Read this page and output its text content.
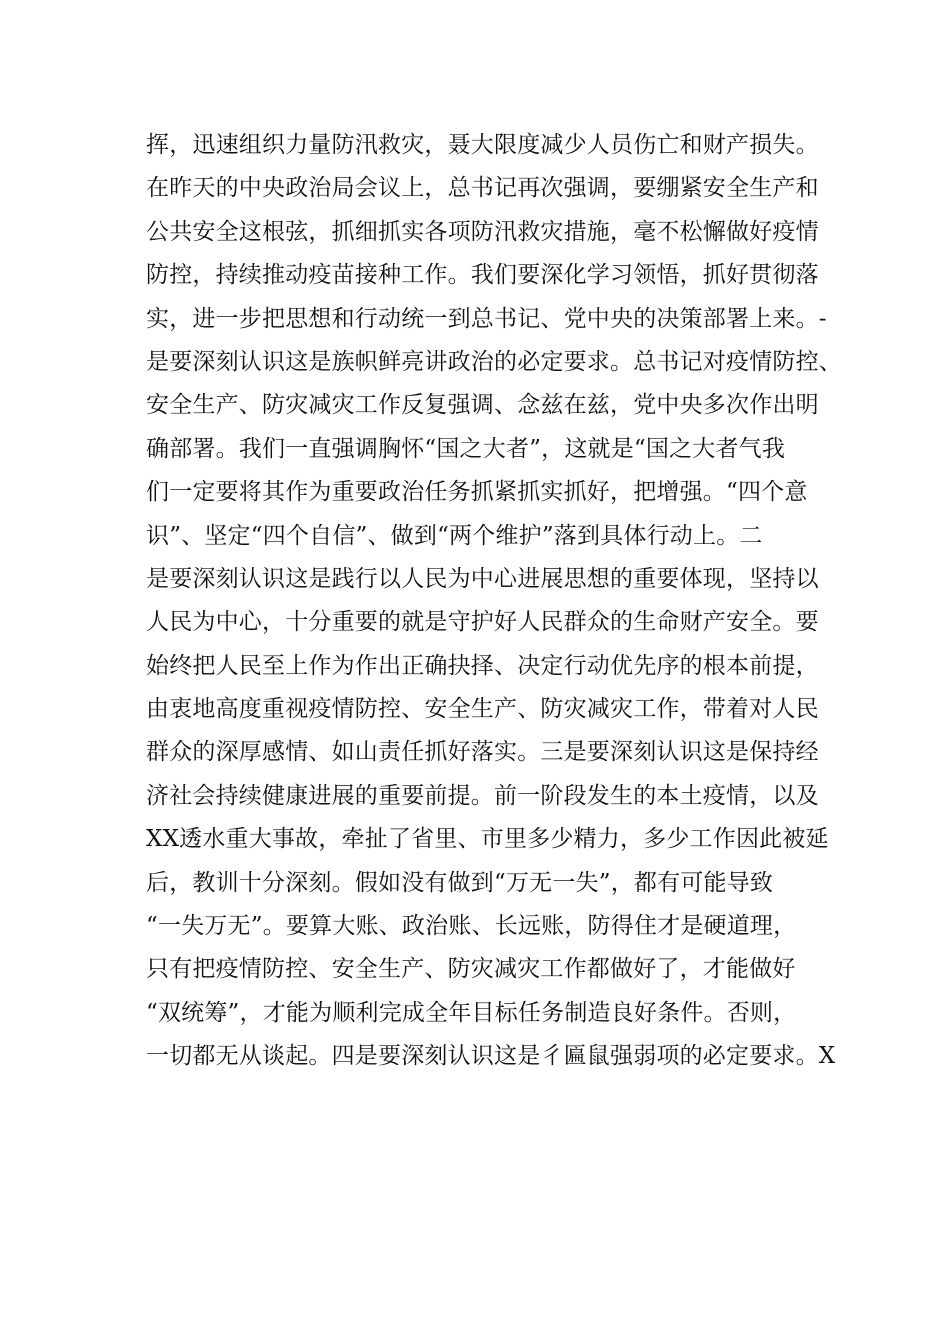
挥，迅速组织力量防汛救灾，聂大限度减少人员伤亡和财产损失。
在昨天的中央政治局会议上，总书记再次强调，要绷紧安全生产和
公共安全这根弦，抓细抓实各项防汛救灾措施，毫不松懈做好疫情
防控，持续推动疫苗接种工作。我们要深化学习领悟，抓好贯彻落
实，进一步把思想和行动统一到总书记、党中央的决策部署上来。-
是要深刻认识这是族帜鲜亮讲政治的必定要求。总书记对疫情防控、
安全生产、防灾减灾工作反复强调、念兹在兹，党中央多次作出明
确部署。我们一直强调胸怀“国之大者”，这就是“国之大者气我
们一定要将其作为重要政治任务抓紧抓实抓好，把增强。“四个意
识”、坚定“四个自信”、做到“两个维护”落到具体行动上。二
是要深刻认识这是践行以人民为中心进展思想的重要体现，坚持以
人民为中心，十分重要的就是守护好人民群众的生命财产安全。要
始终把人民至上作为作出正确抉择、决定行动优先序的根本前提，
由衷地高度重视疫情防控、安全生产、防灾减灾工作，带着对人民
群众的深厚感情、如山责任抓好落实。三是要深刻认识这是保持经
济社会持续健康进展的重要前提。前一阶段发生的本土疫情，以及
XX透水重大事故，牵扯了省里、市里多少精力，多少工作因此被延
后，教训十分深刻。假如没有做到“万无一失”，都有可能导致
“一失万无”。要算大账、政治账、长远账，防得住才是硬道理，
只有把疫情防控、安全生产、防灾减灾工作都做好了，才能做好
“双统筹”，才能为顺利完成全年目标任务制造良好条件。否则，
一切都无从谈起。四是要深刻认识这是彳匾鼠强弱项的必定要求。X
